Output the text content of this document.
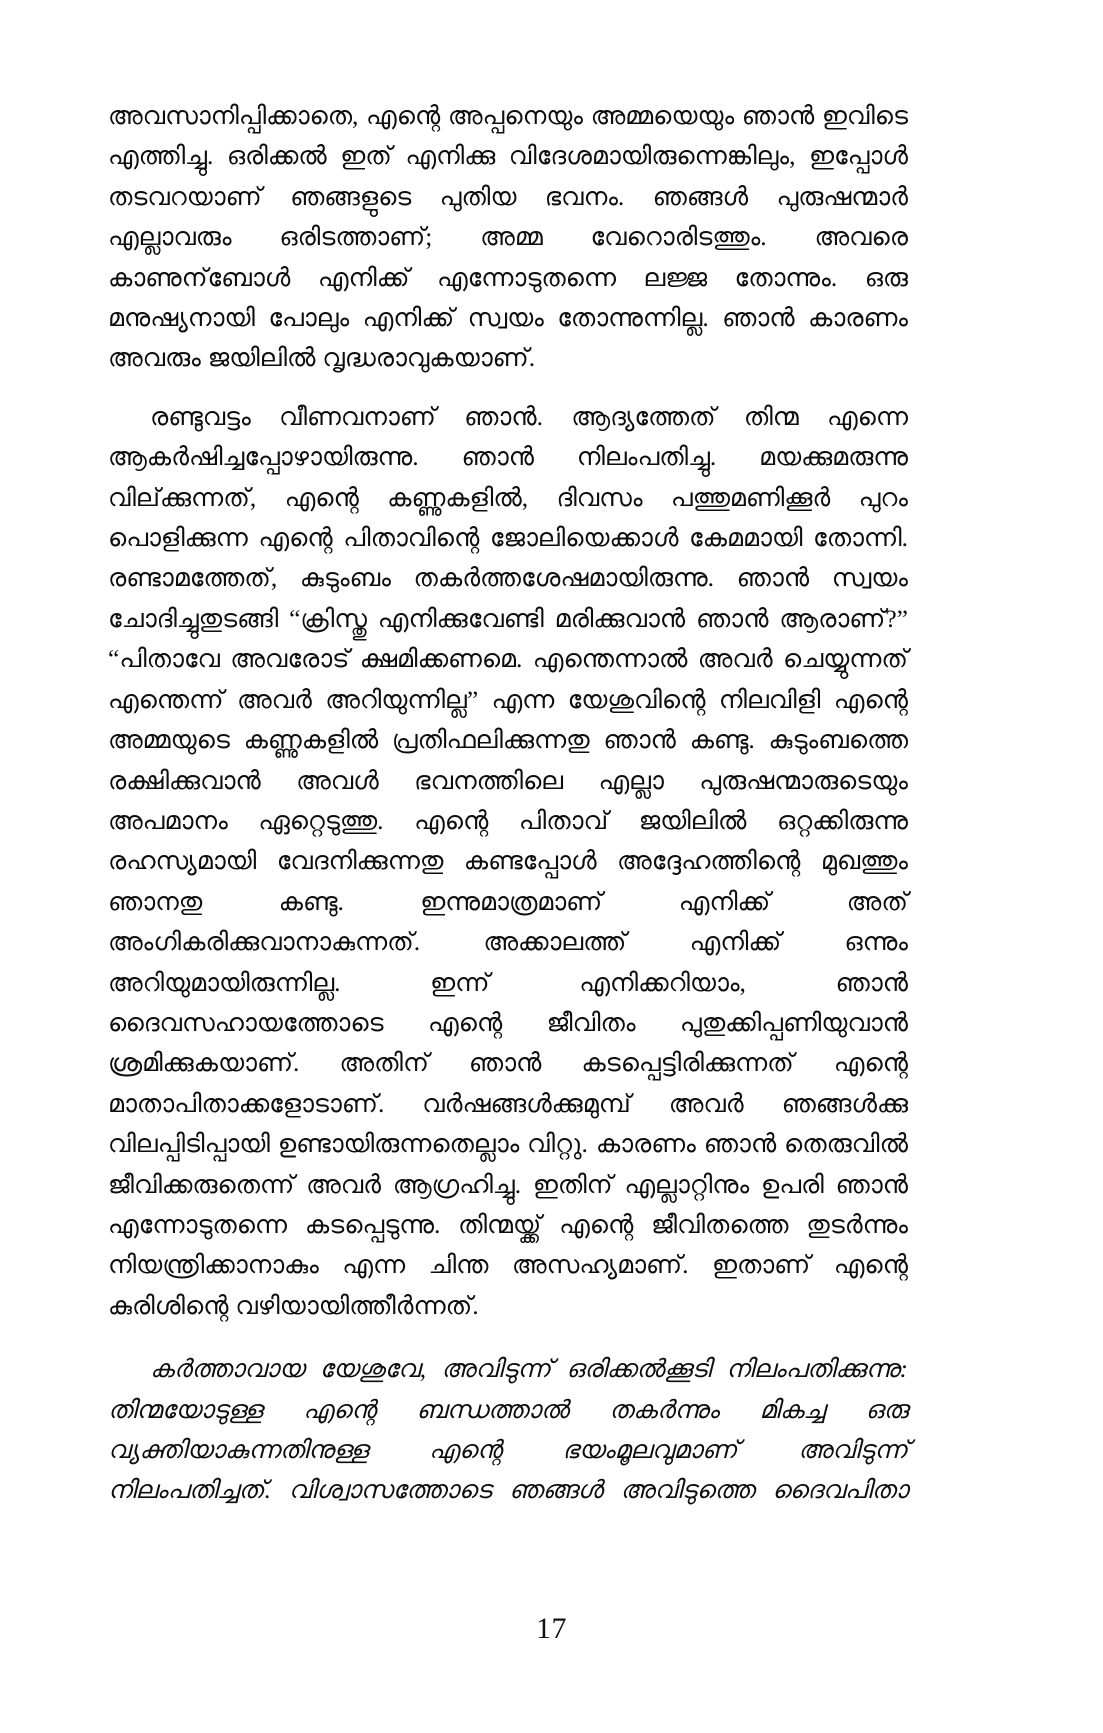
അവസാനിപ്പിക്കാതെ, എന്റെ അപ്പനെയും അമ്മയെയും ഞാൻ ഇവിടെ എത്തിച്ചു. ഒരിക്കൽ ഇത് എനിക്കു വിദേശമായിരുന്നെങ്കിലും, ഇപ്പോൾ തടവറയാണ് ഞങ്ങളുടെ പുതിയ ഭവനം. ഞങ്ങൾ പുരുഷന്മാർ എല്ലാവരും ഒരിടത്താണ്; അമ്മ വേറൊരിടത്തും. അവരെ കാണുന്‌ബോൾ എനിക്ക് എന്നോടുതന്നെ ലജ്ജ തോന്നും. ഒരു മനുഷ്യനായി പോലും എനിക്ക് സ്വയം തോന്നുന്നില്ല. ഞാൻ കാരണം അവരും ജയിലിൽ വൃദ്ധരാവുകയാണ്.

രണ്ടുവട്ടം വീണവനാണ് ഞാൻ. ആദ്യത്തേത് തിന്മ എന്നെ ആകർഷിച്ചപ്പോഴായിരുന്നു. ഞാൻ നിലംപതിച്ചു. മയക്കുമരുന്നു വില്‌ക്കുന്നത്, എന്റെ കണ്ണുകളിൽ, ദിവസം പത്തുമണിക്കൂർ പുറം പൊളിക്കുന്ന എന്റെ പിതാവിന്റെ ജോലിയെക്കാൾ കേമമായി തോന്നി. രണ്ടാമത്തേത്, കുടുംബം തകർത്തശേഷമായിരുന്നു. ഞാൻ സ്വയം ചോദിച്ചുതുടങ്ങി “ക്രിസ്തു എനിക്കുവേണ്ടി മരിക്കുവാൻ ഞാൻ ആരാണ്?” “പിതാവേ അവരോട് ക്ഷമിക്കണമെ. എന്തെന്നാൽ അവർ ചെയ്യുന്നത് എന്തെന്ന് അവർ അറിയുന്നില്ല” എന്ന യേശുവിന്റെ നിലവിളി എന്റെ അമ്മയുടെ കണ്ണുകളിൽ പ്രതിഫലിക്കുന്നതു ഞാൻ കണ്ടു. കുടുംബത്തെ രക്ഷിക്കുവാൻ അവൾ ഭവനത്തിലെ എല്ലാ പുരുഷന്മാരുടെയും അപമാനം ഏറ്റെടുത്തു. എന്റെ പിതാവ് ജയിലിൽ ഒറ്റക്കിരുന്നു രഹസ്യമായി വേദനിക്കുന്നതു കണ്ടപ്പോൾ അദ്ദേഹത്തിന്റെ മുഖത്തും ഞാനതു കണ്ടു. ഇന്നുമാത്രമാണ് എനിക്ക് അത് അംഗികരിക്കുവാനാകുന്നത്. അക്കാലത്ത് എനിക്ക് ഒന്നും അറിയുമായിരുന്നില്ല. ഇന്ന് എനിക്കറിയാം, ഞാൻ ദൈവസഹായത്തോടെ എന്റെ ജീവിതം പുതുക്കിപ്പണിയുവാൻ ശ്രമിക്കുകയാണ്. അതിന് ഞാൻ കടപ്പെട്ടിരിക്കുന്നത് എന്റെ മാതാപിതാക്കളോടാണ്. വർഷങ്ങൾക്കുമുമ്പ് അവർ ഞങ്ങൾക്കു വിലപ്പിടിപ്പായി ഉണ്ടായിരുന്നതെല്ലാം വിറ്റു. കാരണം ഞാൻ തെരുവിൽ ജീവിക്കരുതെന്ന് അവർ ആഗ്രഹിച്ചു. ഇതിന് എല്ലാറ്റിനും ഉപരി ഞാൻ എന്നോടുതന്നെ കടപ്പെടുന്നു. തിന്മയ്ക്ക് എന്റെ ജീവിതത്തെ തുടർന്നും നിയന്ത്രിക്കാനാകും എന്ന ചിന്ത അസഹ്യമാണ്. ഇതാണ് എന്റെ കുരിശിന്റെ വഴിയായിത്തീർന്നത്.

കർത്താവായ യേശുവേ, അവിടുന്ന് ഒരിക്കൽക്കൂടി നിലംപതിക്കുന്നു: തിന്മയോടുള്ള എന്റെ ബന്ധത്താൽ തകർന്നും മികച്ച ഒരു വ്യക്തിയാകുന്നതിനുള്ള എന്റെ ഭയംമൂലവുമാണ് അവിടുന്ന് നിലംപതിച്ചത്. വിശ്വാസത്തോടെ ഞങ്ങൾ അവിടുത്തെ ദൈവപിതാ

17
